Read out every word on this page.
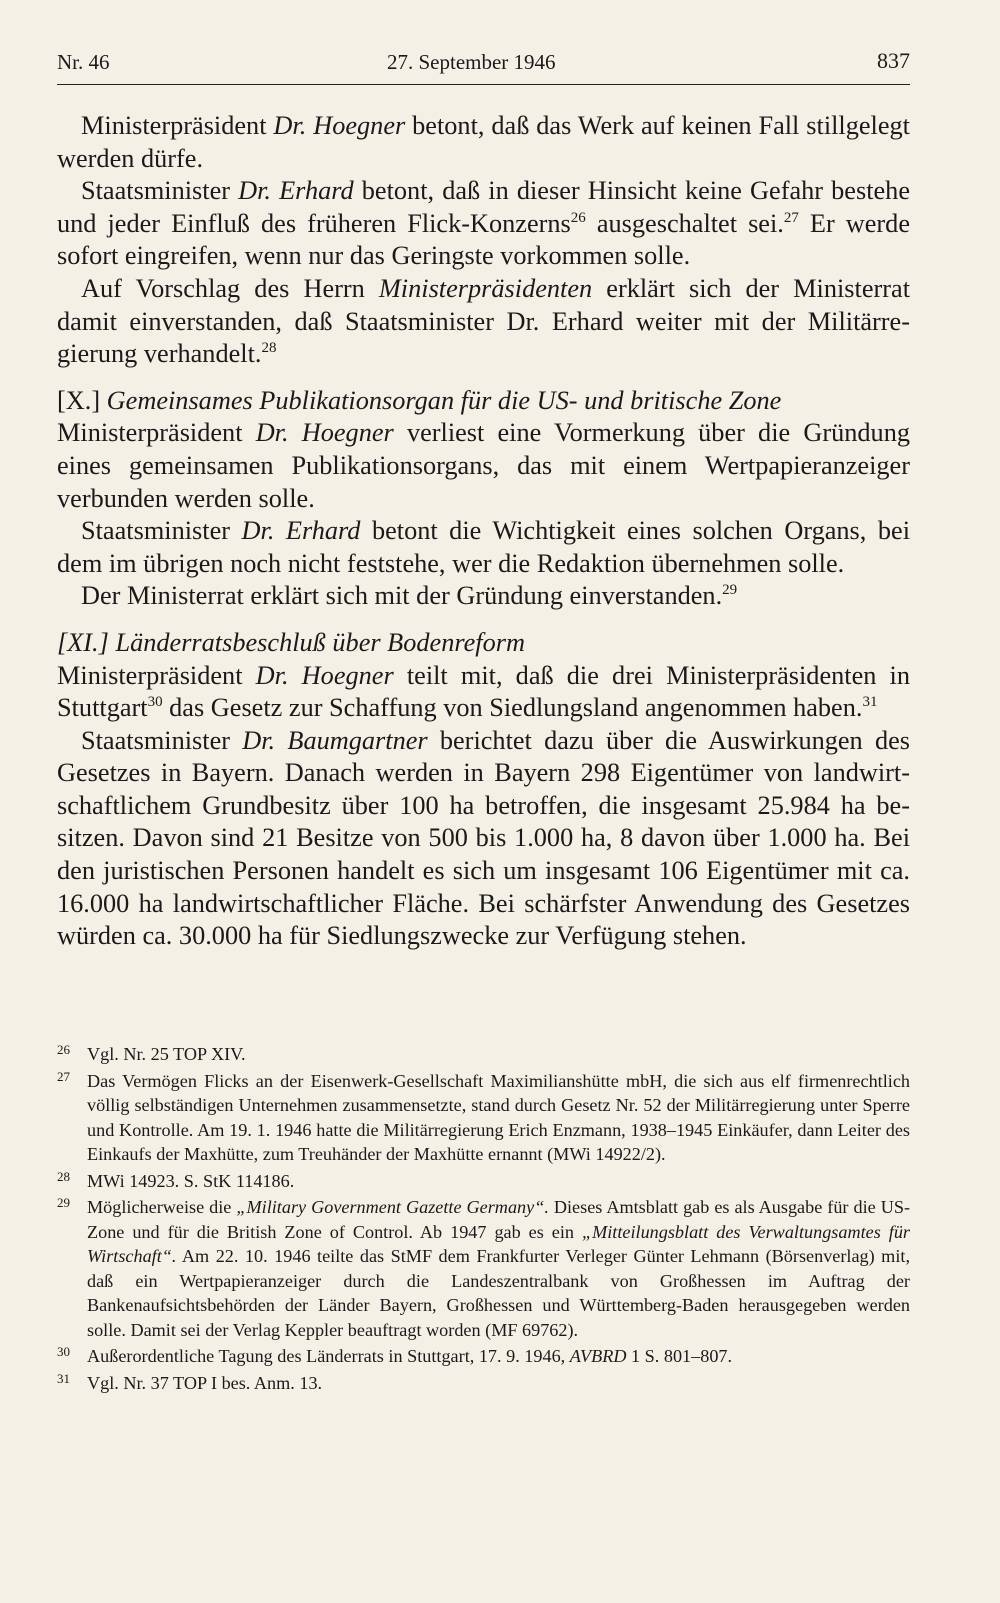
Nr. 46	27. September 1946	837

Ministerpräsident Dr. Hoegner betont, daß das Werk auf keinen Fall stillgelegt werden dürfe.

Staatsminister Dr. Erhard betont, daß in dieser Hinsicht keine Gefahr bestehe und jeder Einfluß des früheren Flick-Konzerns$^{26}$ ausgeschaltet sei.$^{27}$ Er werde sofort eingreifen, wenn nur das Geringste vorkommen solle.

Auf Vorschlag des Herrn Ministerpräsidenten erklärt sich der Ministerrat damit einverstanden, daß Staatsminister Dr. Erhard weiter mit der Militärregierung verhandelt.$^{28}$

[X.] Gemeinsames Publikationsorgan für die US- und britische Zone

Ministerpräsident Dr. Hoegner verliest eine Vormerkung über die Gründung eines gemeinsamen Publikationsorgans, das mit einem Wertpapieranzeiger verbunden werden solle.

Staatsminister Dr. Erhard betont die Wichtigkeit eines solchen Organs, bei dem im übrigen noch nicht feststehe, wer die Redaktion übernehmen solle.

Der Ministerrat erklärt sich mit der Gründung einverstanden.$^{29}$

[XI.] Länderratsbeschluß über Bodenreform

Ministerpräsident Dr. Hoegner teilt mit, daß die drei Ministerpräsidenten in Stuttgart$^{30}$ das Gesetz zur Schaffung von Siedlungsland angenommen haben.$^{31}$

Staatsminister Dr. Baumgartner berichtet dazu über die Auswirkungen des Gesetzes in Bayern. Danach werden in Bayern 298 Eigentümer von landwirtschaftlichem Grundbesitz über 100 ha betroffen, die insgesamt 25.984 ha besitzen. Davon sind 21 Besitze von 500 bis 1.000 ha, 8 davon über 1.000 ha. Bei den juristischen Personen handelt es sich um insgesamt 106 Eigentümer mit ca. 16.000 ha landwirtschaftlicher Fläche. Bei schärfster Anwendung des Gesetzes würden ca. 30.000 ha für Siedlungszwecke zur Verfügung stehen.

26 Vgl. Nr. 25 TOP XIV.

27 Das Vermögen Flicks an der Eisenwerk-Gesellschaft Maximilianshütte mbH, die sich aus elf firmenrechtlich völlig selbständigen Unternehmen zusammensetzte, stand durch Gesetz Nr. 52 der Militärregierung unter Sperre und Kontrolle. Am 19. 1. 1946 hatte die Militärregierung Erich Enzmann, 1938–1945 Einkäufer, dann Leiter des Einkaufs der Maxhütte, zum Treuhänder der Maxhütte ernannt (MWi 14922/2).

28 MWi 14923. S. StK 114186.

29 Möglicherweise die „Military Government Gazette Germany“. Dieses Amtsblatt gab es als Ausgabe für die US-Zone und für die British Zone of Control. Ab 1947 gab es ein „Mitteilungsblatt des Verwaltungsamtes für Wirtschaft“. Am 22. 10. 1946 teilte das StMF dem Frankfurter Verleger Günter Lehmann (Börsenverlag) mit, daß ein Wertpapieranzeiger durch die Landeszentralbank von Großhessen im Auftrag der Bankenaufsichtsbehörden der Länder Bayern, Großhessen und Württemberg-Baden herausgegeben werden solle. Damit sei der Verlag Keppler beauftragt worden (MF 69762).

30 Außerordentliche Tagung des Länderrats in Stuttgart, 17. 9. 1946, AVBRD 1 S. 801–807.

31 Vgl. Nr. 37 TOP I bes. Anm. 13.
